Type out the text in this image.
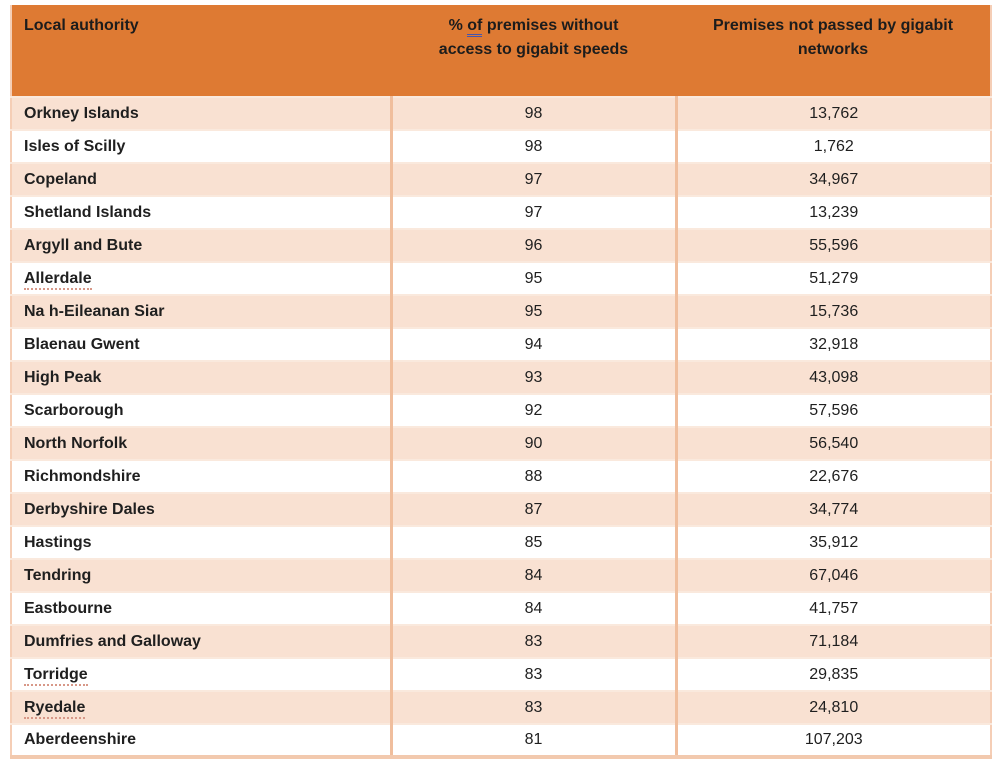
Local authority	% of premises without access to gigabit speeds	Premises not passed by gigabit networks
Orkney Islands	98	13,762
Isles of Scilly	98	1,762
Copeland	97	34,967
Shetland Islands	97	13,239
Argyll and Bute	96	55,596
Allerdale	95	51,279
Na h-Eileanan Siar	95	15,736
Blaenau Gwent	94	32,918
High Peak	93	43,098
Scarborough	92	57,596
North Norfolk	90	56,540
Richmondshire	88	22,676
Derbyshire Dales	87	34,774
Hastings	85	35,912
Tendring	84	67,046
Eastbourne	84	41,757
Dumfries and Galloway	83	71,184
Torridge	83	29,835
Ryedale	83	24,810
Aberdeenshire	81	107,203
